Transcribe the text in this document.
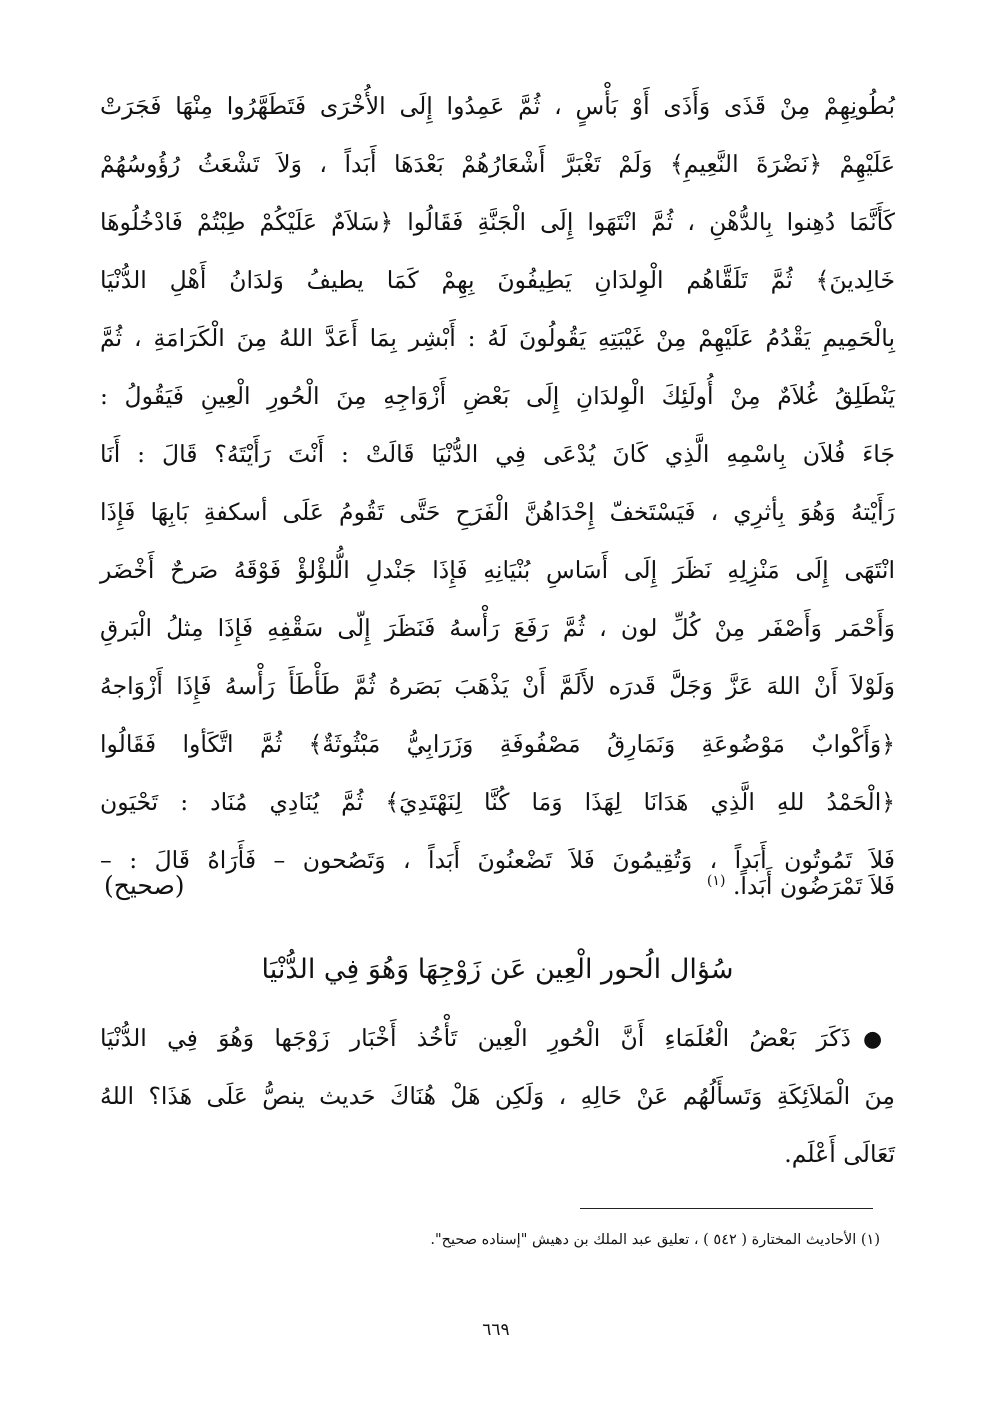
بُطُونِهِمْ مِنْ قَذَى وَأَذَى أَوْ بَأْسٍ ، ثُمَّ عَمِدُوا إِلَى الأُخْرَى فَتَطَهَّرُوا مِنْهَا فَجَرَتْ
عَلَيْهِمْ ﴿نَضْرَةَ النَّعِيمِ﴾ وَلَمْ تَغْبَرَّ أَشْعَارُهُمْ بَعْدَهَا أَبَداً ، وَلاَ تَشْعَثُ رُؤُوسُهُمْ
كَأَنَّمَا دُهِنوا بِالدُّهْنِ ، ثُمَّ انْتَهَوا إِلَى الْجَنَّةِ فَقَالُوا ﴿سَلاَمٌ عَلَيْكُمْ طِبْتُمْ فَادْخُلُوهَا
خَالِدينَ﴾ ثُمَّ تَلَقَّاهُم الْوِلدَانِ يَطِيفُونَ بِهِمْ كَمَا يطيفُ وَلدَانُ أَهْلِ الدُّنْيَا
بِالْحَمِيمِ يَقْدُمُ عَلَيْهِمْ مِنْ غَيْبَتِهِ يَقُولُونَ لَهُ : أَبْشِر بِمَا أَعَدَّ اللهُ مِنَ الْكَرَامَةِ ، ثُمَّ
يَنْطَلِقُ غُلاَمٌ مِنْ أُولَئِكَ الْوِلدَانِ إِلَى بَعْضِ أَزْوَاجِهِ مِنَ الْحُورِ الْعِينِ فَيَقُولُ :
جَاءَ فُلاَن بِاسْمِهِ الَّذِي كَانَ يُدْعَى فِي الدُّنْيَا قَالَتْ : أَنْتَ رَأَيْتَهُ؟ قَالَ : أَنَا
رَأَيْتهُ وَهُوَ بِأثرِي ، فَيَسْتَخفّ إِحْدَاهُنَّ الْفَرَحِ حَتَّى تَقُومُ عَلَى أسكفةِ بَابِهَا فَإِذَا
انْتَهَى إِلَى مَنْزِلِهِ نَظَرَ إِلَى أَسَاسِ بُنْيَانِهِ فَإِذَا جَنْدلِ الُّلؤْلؤْ فَوْقَهُ صَرحٌ أَخْضَر
وَأَحْمَر وَأَصْفَر مِنْ كُلِّ لون ، ثُمَّ رَفَعَ رَأْسهُ فَنَظَرَ إِلّى سَقْفِهِ فَإِذَا مِثلُ الْبَرقِ
وَلَوْلاَ أَنْ اللهَ عَزَّ وَجَلَّ قَدرَه لأَلَمَّ أَنْ يَذْهَبَ بَصَرهُ ثُمَّ طَأْطَأَ رَأْسهُ فَإِذَا أَزْوَاجهُ
﴿وَأَكْوابٌ مَوْضُوعَةِ وَنَمَارِقُ مَصْفُوفَةِ وَزَرَابِيُّ مَبْثُوثَةٌ﴾ ثُمَّ اتَّكَأوا فَقَالُوا
﴿الْحَمْدُ للهِ الَّذِي هَدَانَا لِهَذَا وَمَا كُنَّا لِنَهْتَدِيَ﴾ ثُمَّ يُنَادِي مُنَاد : تَحْيَون
فَلاَ تَمُوتُون أَبَداً ، وَتُقِيمُونَ فَلاَ تَضْعنُونَ أَبَداً ، وَتَصُحون – فَأَرَاهُ قَالَ : –
فَلاَ تَمْرَضُون أَبَداً. $^{(١)}$
(صحيح)
سُؤال الُحور الْعِين عَن زَوْجِهَا وَهُوَ فِي الدُّنْيَا
●ذَكَرَ بَعْضُ الْعُلَمَاءِ أَنَّ الْحُورِ الْعِين تَأْخُذ أَخْبَار زَوْجَها وَهُوَ فِي الدُّنْيَا
مِنَ الْمَلاَئِكَةِ وَتَسأَلُهُم عَنْ حَالِهِ ، وَلَكِن هَلْ هُنَاكَ حَديث ينصُّ عَلَى هَذَا؟ اللهُ
تَعَالَى أَعْلَم.
(١) الأحاديث المختارة ( ٥٤٢ ) ، تعليق عبد الملك بن دهيش "إسناده صحيح".
٦٦٩
